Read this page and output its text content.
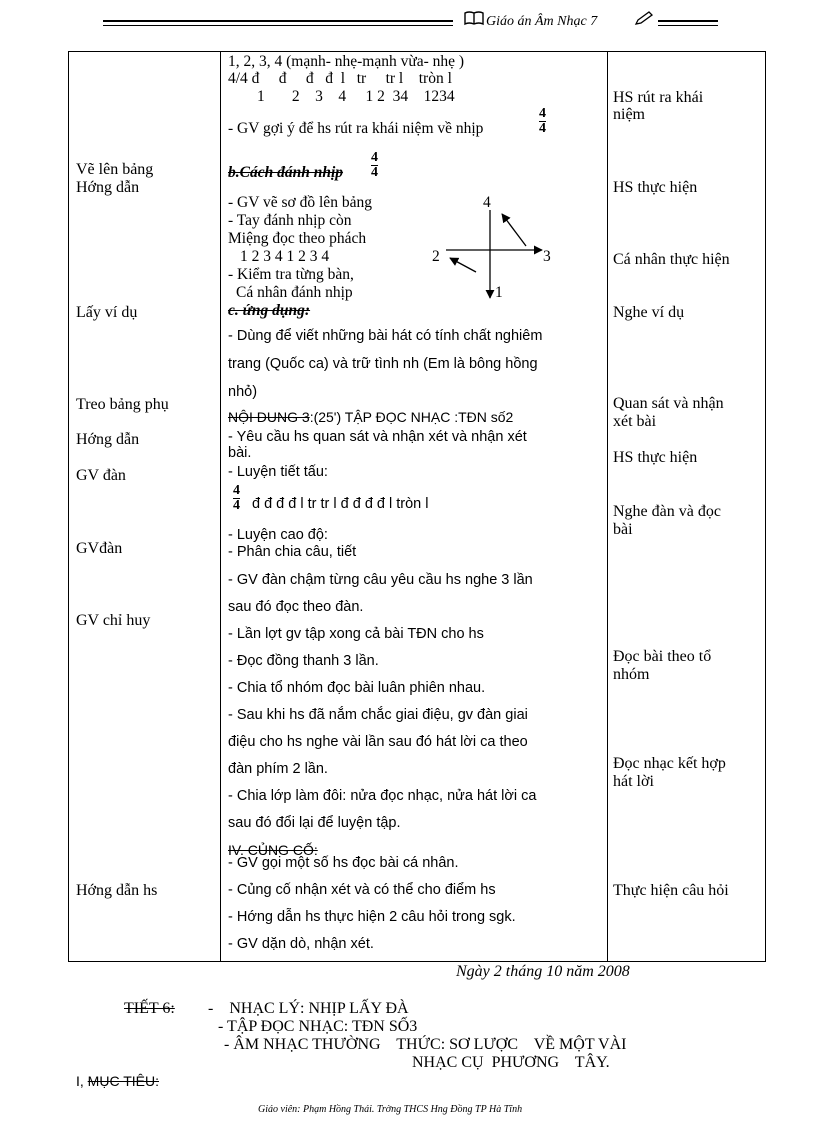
Giáo án Âm Nhạc 7
Vẽ lên bảng
Hớng dẫn
Lấy ví dụ
Treo bảng phụ
Hớng dẫn
GV đàn
GVđàn
GV chỉ huy
Hớng dẫn hs
1, 2, 3, 4 (mạnh- nhẹ-mạnh vừa- nhẹ )
4/4 đ     đ     đ   đ  l   tr     tr l    tròn l
1       2    3    4     1 2  34    1234
- GV gợi ý để hs rút ra khái niệm về nhịp	$\frac{4}{4}$
b.Cách đánh nhịp $\frac{4}{4}$
- GV vẽ sơ đồ lên bảng
- Tay đánh nhịp còn
Miệng đọc theo phách
1 2 3 4 1 2 3 4
- Kiểm tra từng bàn,
Cá nhân đánh nhịp
4
2	3
1
c. ứng dụng:
- Dùng để viết những bài hát có tính chất nghiêm
trang (Quốc ca) và trữ tình nh (Em là bông hồng
nhỏ)
NỘI DUNG 3:(25') TẬP ĐỌC NHẠC :TĐN số2
- Yêu cầu hs quan sát và nhận xét và nhận xét
bài.
- Luyện tiết tấu:
$\frac{4}{4}$ đ đ đ đ l tr tr l đ đ đ đ l tròn l
- Luyện cao độ:
- Phân chia câu, tiết
- GV đàn chậm từng câu yêu cầu hs nghe 3 lần
sau đó đọc theo đàn.
- Lần lợt gv tập xong cả bài TĐN cho hs
- Đọc đồng thanh 3 lần.
- Chia tổ nhóm đọc bài luân phiên nhau.
- Sau khi hs đã nắm chắc giai điệu, gv đàn giai
điệu cho hs nghe vài lần sau đó hát lời ca theo
đàn phím 2 lần.
- Chia lớp làm đôi: nửa đọc nhạc, nửa hát lời ca
sau đó đổi lại để luyện tập.
IV. CỦNG CỐ:
- GV gọi một số hs đọc bài cá nhân.
- Củng cố nhận xét và có thể cho điểm hs
- Hớng dẫn hs thực hiện 2 câu hỏi trong sgk.
- GV dặn dò, nhận xét.
HS rút ra khái
niệm
HS thực hiện
Cá nhân thực hiện
Nghe ví dụ
Quan sát và nhận
xét bài
HS thực hiện
Nghe đàn và đọc
bài
Đọc bài theo tổ
nhóm
Đọc nhạc kết hợp
hát lời
Thực hiện câu hỏi
Ngày 2 tháng 10 năm 2008
TIẾT 6: -    NHẠC LÝ: NHỊP LẤY ĐÀ
- TẬP ĐỌC NHẠC: TĐN SỐ3
- ÂM NHẠC THƯỜNG    THỨC: SƠ LƯỢC    VỀ MỘT VÀI
NHẠC CỤ  PHƯƠNG    TÂY.
I, MỤC TIÊU:
Giáo viên: Phạm Hồng Thái. Trờng THCS Hng Đồng TP Hà Tĩnh
